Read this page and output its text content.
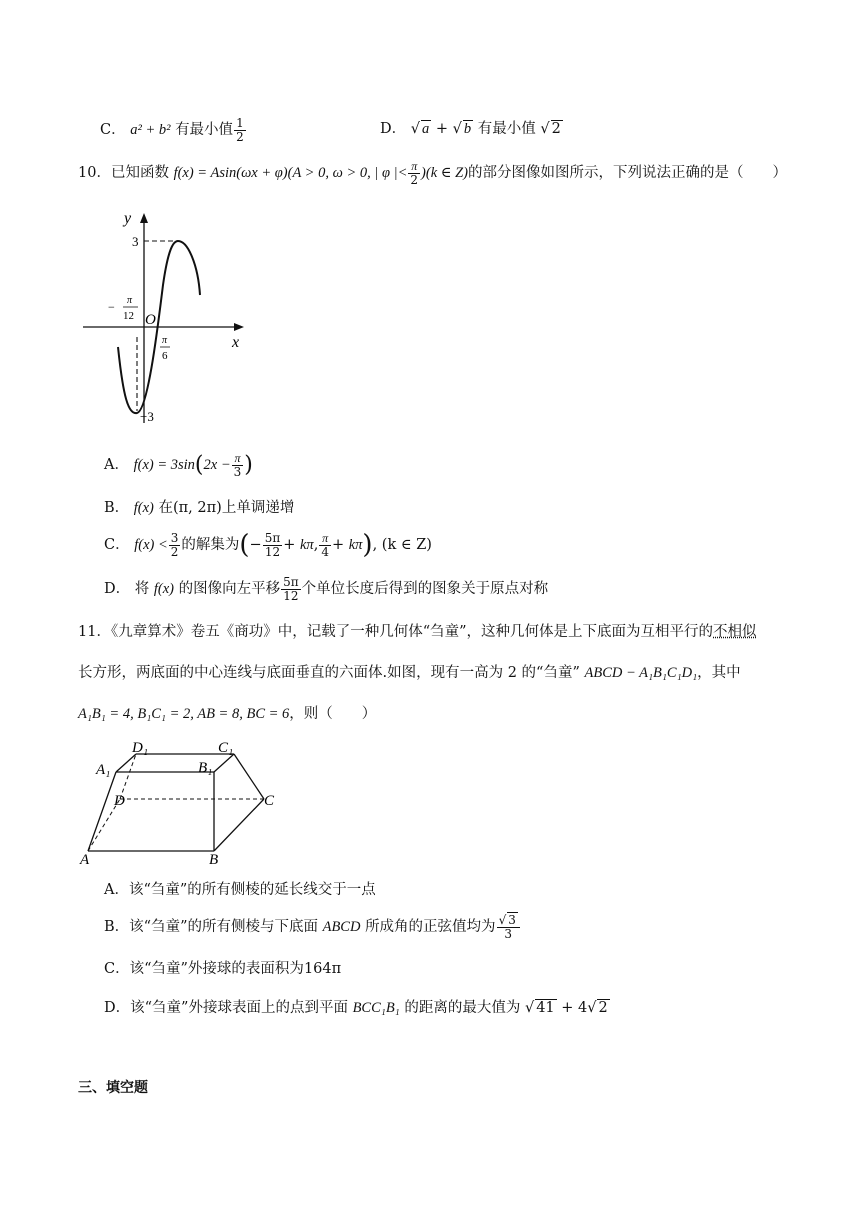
C． a² + b² 有最小值 $\frac{1}{2}$	D． √ a + √ b 有最小值 √ 2
10．已知函数 f(x) = Asin(ωx + φ)(A > 0, ω > 0, | φ |< $\frac{\pi}{2} )(k$ ∈ Z)的部分图像如图所示，下列说法正确的是（　　）
y
x
O
3
−3
− π
12
π
6
A． $f(x) = 3\sin(2x - \frac{\pi}{3}$ )
B． f(x) 在(π, 2π)上单调递增
C． $f(x) < \frac{3}{2}$ 的解集为(− $\frac{5\pi}{12} + k\pi$, $\frac{\pi}{4} + k\pi$), (k ∈ Z)
D． 将 f(x) 的图像向左平移 $\frac{5\pi}{12}$ 个单位长度后得到的图象关于原点对称
11．《九章算术》卷五《商功》中，记载了一种几何体“刍童”，这种几何体是上下底面为互相平行的不相似
长方形，两底面的中心连线与底面垂直的六面体.如图，现有一高为 2 的“刍童” ABCD − A₁B₁C₁D₁，其中
A₁B₁ = 4, B₁C₁ = 2, AB = 8, BC = 6，则（　　）
A	B
C
D
A₁	B₁
C₁
D₁
A．该“刍童”的所有侧棱的延长线交于一点
B．该“刍童”的所有侧棱与下底面 ABCD 所成角的正弦值均为 $\frac{√ 3}{3}$
C．该“刍童”外接球的表面积为164π
D．该“刍童”外接球表面上的点到平面 BCC₁B₁ 的距离的最大值为 √ 41 + 4√ 2
三、填空题
